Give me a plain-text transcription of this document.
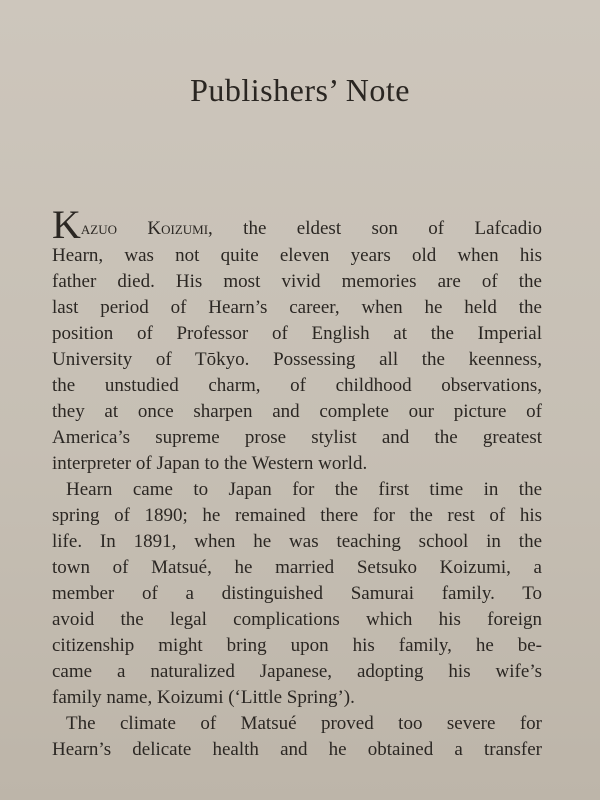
Publishers’ Note
Kazuo Koizumi, the eldest son of Lafcadio
Hearn, was not quite eleven years old when his
father died. His most vivid memories are of the
last period of Hearn’s career, when he held the
position of Professor of English at the Imperial
University of Tōkyo. Possessing all the keenness,
the unstudied charm, of childhood observations,
they at once sharpen and complete our picture of
America’s supreme prose stylist and the greatest
interpreter of Japan to the Western world.
Hearn came to Japan for the first time in the
spring of 1890; he remained there for the rest of his
life. In 1891, when he was teaching school in the
town of Matsué, he married Setsuko Koizumi, a
member of a distinguished Samurai family. To
avoid the legal complications which his foreign
citizenship might bring upon his family, he be-
came a naturalized Japanese, adopting his wife’s
family name, Koizumi (‘Little Spring’).
The climate of Matsué proved too severe for
Hearn’s delicate health and he obtained a transfer
